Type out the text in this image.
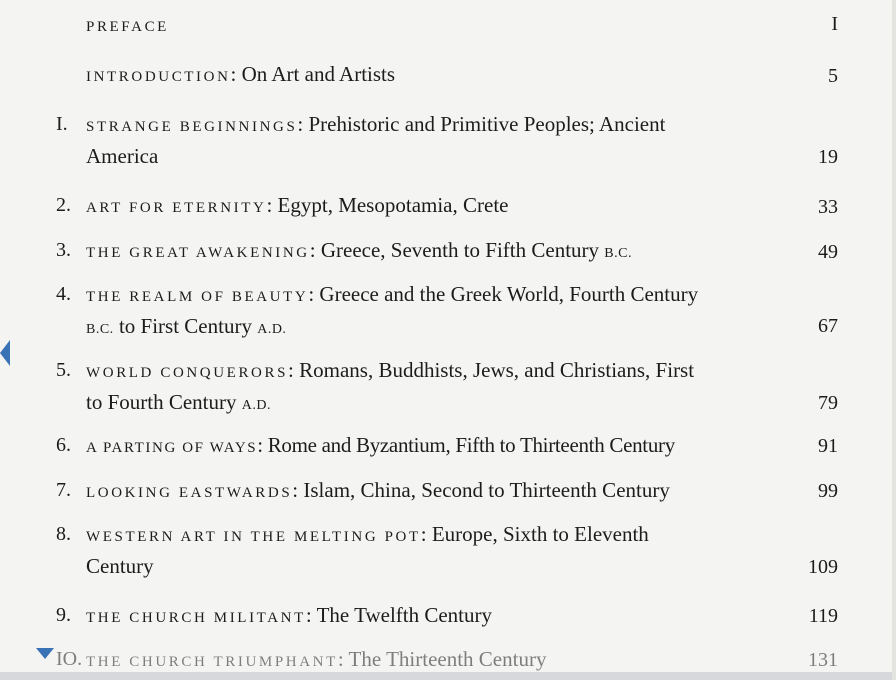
PREFACE	I
INTRODUCTION: On Art and Artists	5
I. STRANGE BEGINNINGS: Prehistoric and Primitive Peoples; Ancient
America	19
2. ART FOR ETERNITY: Egypt, Mesopotamia, Crete	33
3. THE GREAT AWAKENING: Greece, Seventh to Fifth Century B.C.	49
4. THE REALM OF BEAUTY: Greece and the Greek World, Fourth Century
B.C. to First Century A.D.	67
5. WORLD CONQUERORS: Romans, Buddhists, Jews, and Christians, First
to Fourth Century A.D.	79
6. A PARTING OF WAYS: Rome and Byzantium, Fifth to Thirteenth Century	91
7. LOOKING EASTWARDS: Islam, China, Second to Thirteenth Century	99
8. WESTERN ART IN THE MELTING POT: Europe, Sixth to Eleventh
Century	109
9. THE CHURCH MILITANT: The Twelfth Century	119
IO. THE CHURCH TRIUMPHANT: The Thirteenth Century	131
